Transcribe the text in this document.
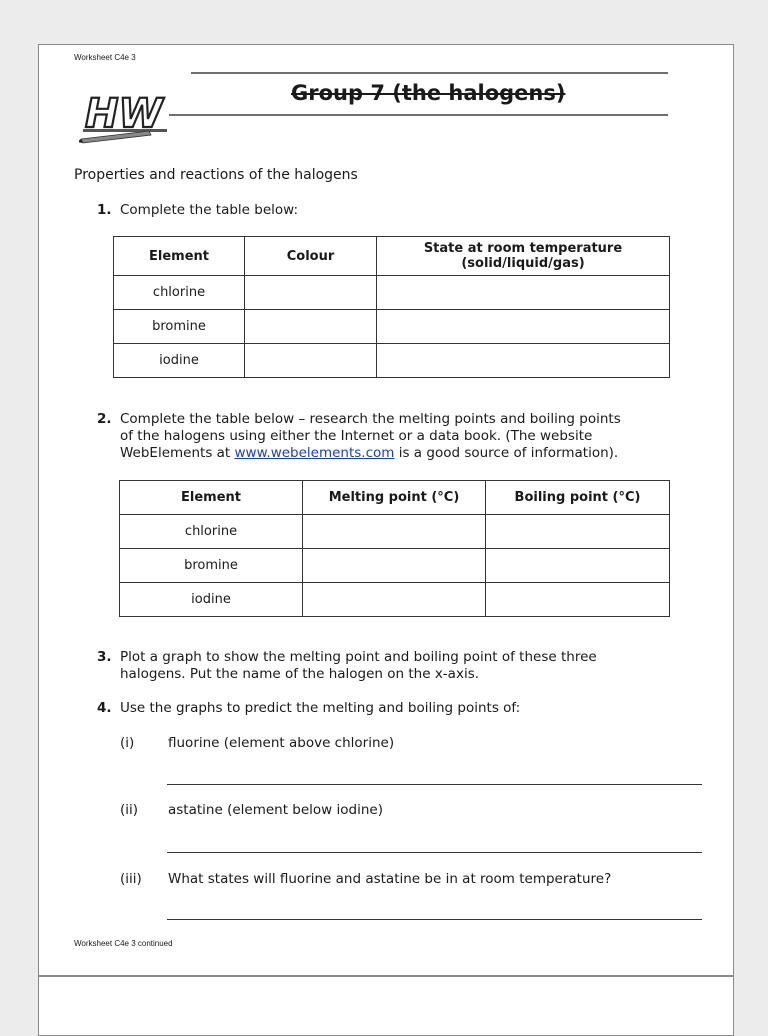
Worksheet C4e 3
HW	Group 7 (the halogens)
Properties and reactions of the halogens
1. Complete the table below:
Element	Colour	State at room temperature
(solid/liquid/gas)

chlorine		
bromine		
iodine		
2. Complete the table below – research the melting points and boiling points
of the halogens using either the Internet or a data book. (The website
WebElements at www.webelements.com is a good source of information).
Element	Melting point (°C)	Boiling point (°C)
chlorine		
bromine		
iodine		
3. Plot a graph to show the melting point and boiling point of these three
halogens. Put the name of the halogen on the x-axis.
4. Use the graphs to predict the melting and boiling points of:
(i) fluorine (element above chlorine)
(ii) astatine (element below iodine)
(iii) What states will fluorine and astatine be in at room temperature?
Worksheet C4e 3 continued
